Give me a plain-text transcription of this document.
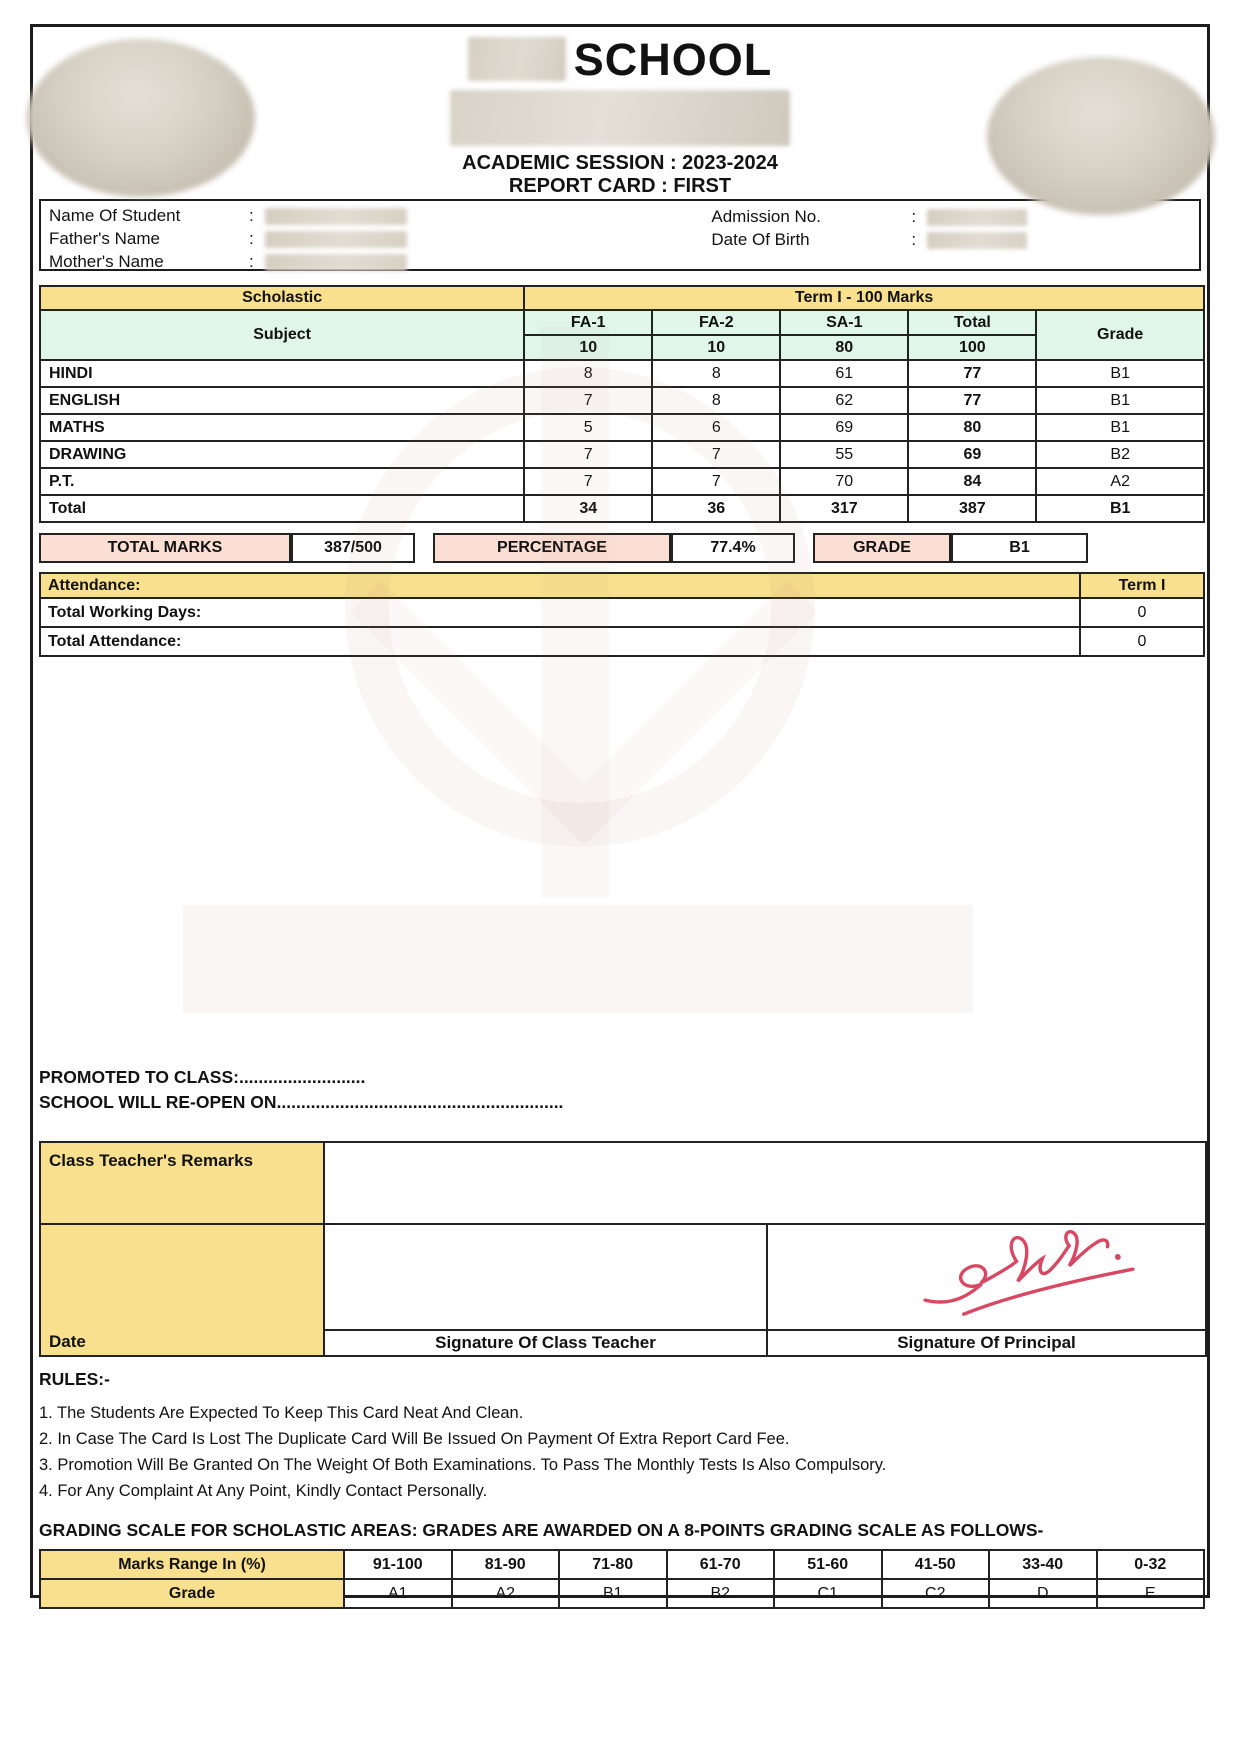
SCHOOL
ACADEMIC SESSION : 2023-2024
REPORT CARD : FIRST
Name Of Student	:
Father's Name	:
Mother's Name	:
Admission No.	:
Date Of Birth	:
Scholastic	Term I - 100 Marks				
Subject	FA-1	FA-2	SA-1	Total	Grade
	10	10	80	100	
HINDI	8	8	61	77	B1
ENGLISH	7	8	62	77	B1
MATHS	5	6	69	80	B1
DRAWING	7	7	55	69	B2
P.T.	7	7	70	84	A2
Total	34	36	317	387	B1
TOTAL MARKS	387/500	PERCENTAGE	77.4%	GRADE	B1
Attendance:	Term I
Total Working Days:	0
Total Attendance:	0
PROMOTED TO CLASS:..........................
SCHOOL WILL RE-OPEN ON...........................................................
Class Teacher's Remarks		

Date

	Signature Of Class Teacher	Signature Of Principal
RULES:-
1. The Students Are Expected To Keep This Card Neat And Clean.
2. In Case The Card Is Lost The Duplicate Card Will Be Issued On Payment Of Extra Report Card Fee.
3. Promotion Will Be Granted On The Weight Of Both Examinations. To Pass The Monthly Tests Is Also Compulsory.
4. For Any Complaint At Any Point, Kindly Contact Personally.
GRADING SCALE FOR SCHOLASTIC AREAS: GRADES ARE AWARDED ON A 8-POINTS GRADING SCALE AS FOLLOWS-
Marks Range In (%)	91-100	81-90	71-80	61-70	51-60	41-50	33-40	0-32
Grade	A1	A2	B1	B2	C1	C2	D	E
